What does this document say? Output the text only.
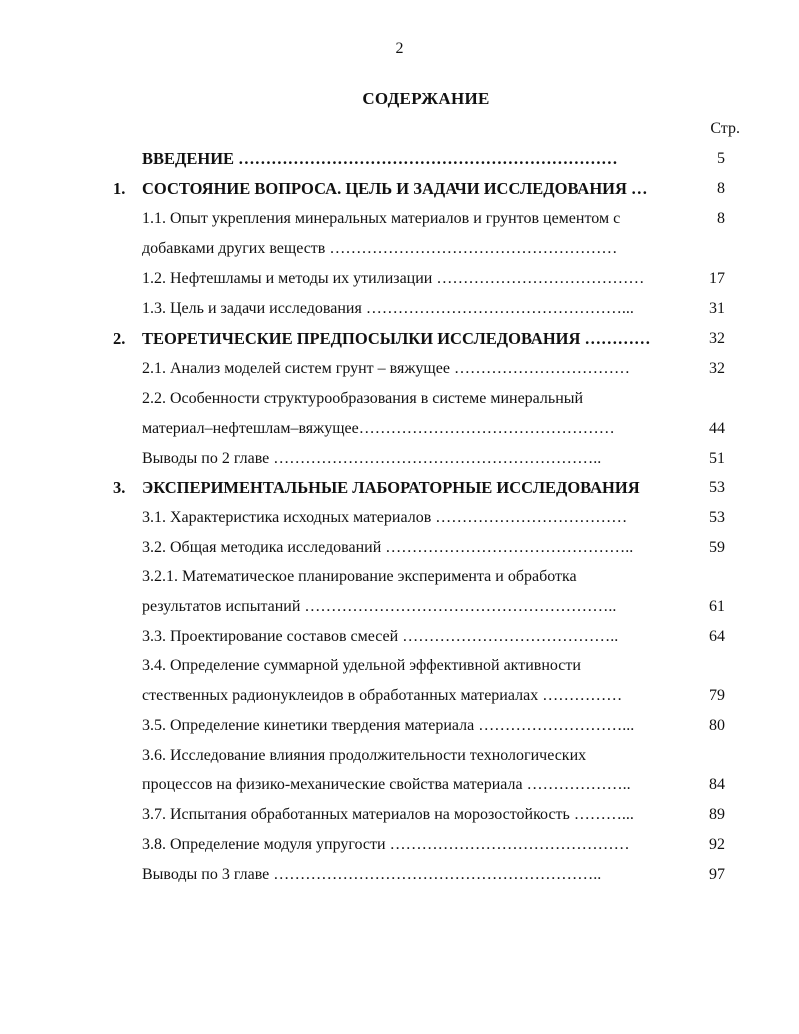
2
СОДЕРЖАНИЕ
Стр.
ВВЕДЕНИЕ ……………………………………………………………	5
1.	СОСТОЯНИЕ ВОПРОСА. ЦЕЛЬ И ЗАДАЧИ ИССЛЕДОВАНИЯ …	8
1.1. Опыт укрепления минеральных материалов и грунтов цементом с	8
добавками других веществ ………………………………………………
1.2. Нефтешламы и методы их утилизации …………………………………	17
1.3. Цель и задачи исследования …………………………………………...	31
2.	ТЕОРЕТИЧЕСКИЕ ПРЕДПОСЫЛКИ ИССЛЕДОВАНИЯ …………	32
2.1. Анализ моделей систем грунт – вяжущее ……………………………	32
2.2. Особенности структурообразования в системе минеральный
материал–нефтешлам–вяжущее…………………………………………	44
Выводы по 2 главе ……………………………………………………..	51
3.	ЭКСПЕРИМЕНТАЛЬНЫЕ ЛАБОРАТОРНЫЕ ИССЛЕДОВАНИЯ	53
3.1. Характеристика исходных материалов ………………………………	53
3.2. Общая методика исследований ………………………………………..	59
3.2.1. Математическое планирование эксперимента и обработка
результатов испытаний …………………………………………………..	61
3.3. Проектирование составов смесей …………………………………..	64
3.4. Определение суммарной удельной эффективной активности
стественных радионуклеидов в обработанных материалах ……………	79
3.5. Определение кинетики твердения материала ………………………...	80
3.6. Исследование влияния продолжительности технологических
процессов на физико-механические свойства материала ………………..	84
3.7. Испытания обработанных материалов на морозостойкость ………...	89
3.8. Определение модуля упругости ………………………………………	92
Выводы по 3 главе ……………………………………………………..	97
